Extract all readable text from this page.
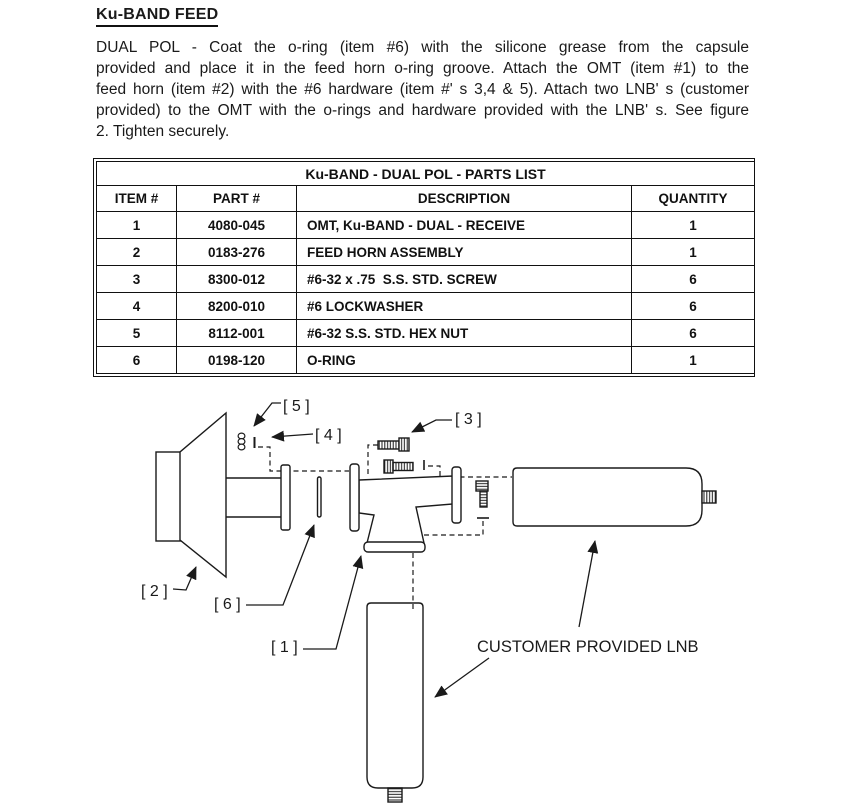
Ku-BAND FEED
DUAL POL - Coat the o-ring (item #6) with the silicone grease from the capsule
provided and place it in the feed horn o-ring groove. Attach the OMT (item #1) to the
feed horn (item #2) with the #6 hardware (item #' s 3,4 & 5). Attach two LNB' s (customer
provided) to the OMT with the o-rings and hardware provided with the LNB' s. See figure
2. Tighten securely.
Ku-BAND - DUAL POL - PARTS LIST			
ITEM #	PART #	DESCRIPTION	QUANTITY
1	4080-045	OMT, Ku-BAND - DUAL - RECEIVE	1
2	0183-276	FEED HORN ASSEMBLY	1
3	8300-012	#6-32 x .75  S.S. STD. SCREW	6
4	8200-010	#6 LOCKWASHER	6
5	8112-001	#6-32 S.S. STD. HEX NUT	6
6	0198-120	O-RING	1
[ 5 ]
[ 4 ]
[ 3 ]
[ 2 ]
[ 6 ]
[ 1 ]	CUSTOMER PROVIDED LNB
